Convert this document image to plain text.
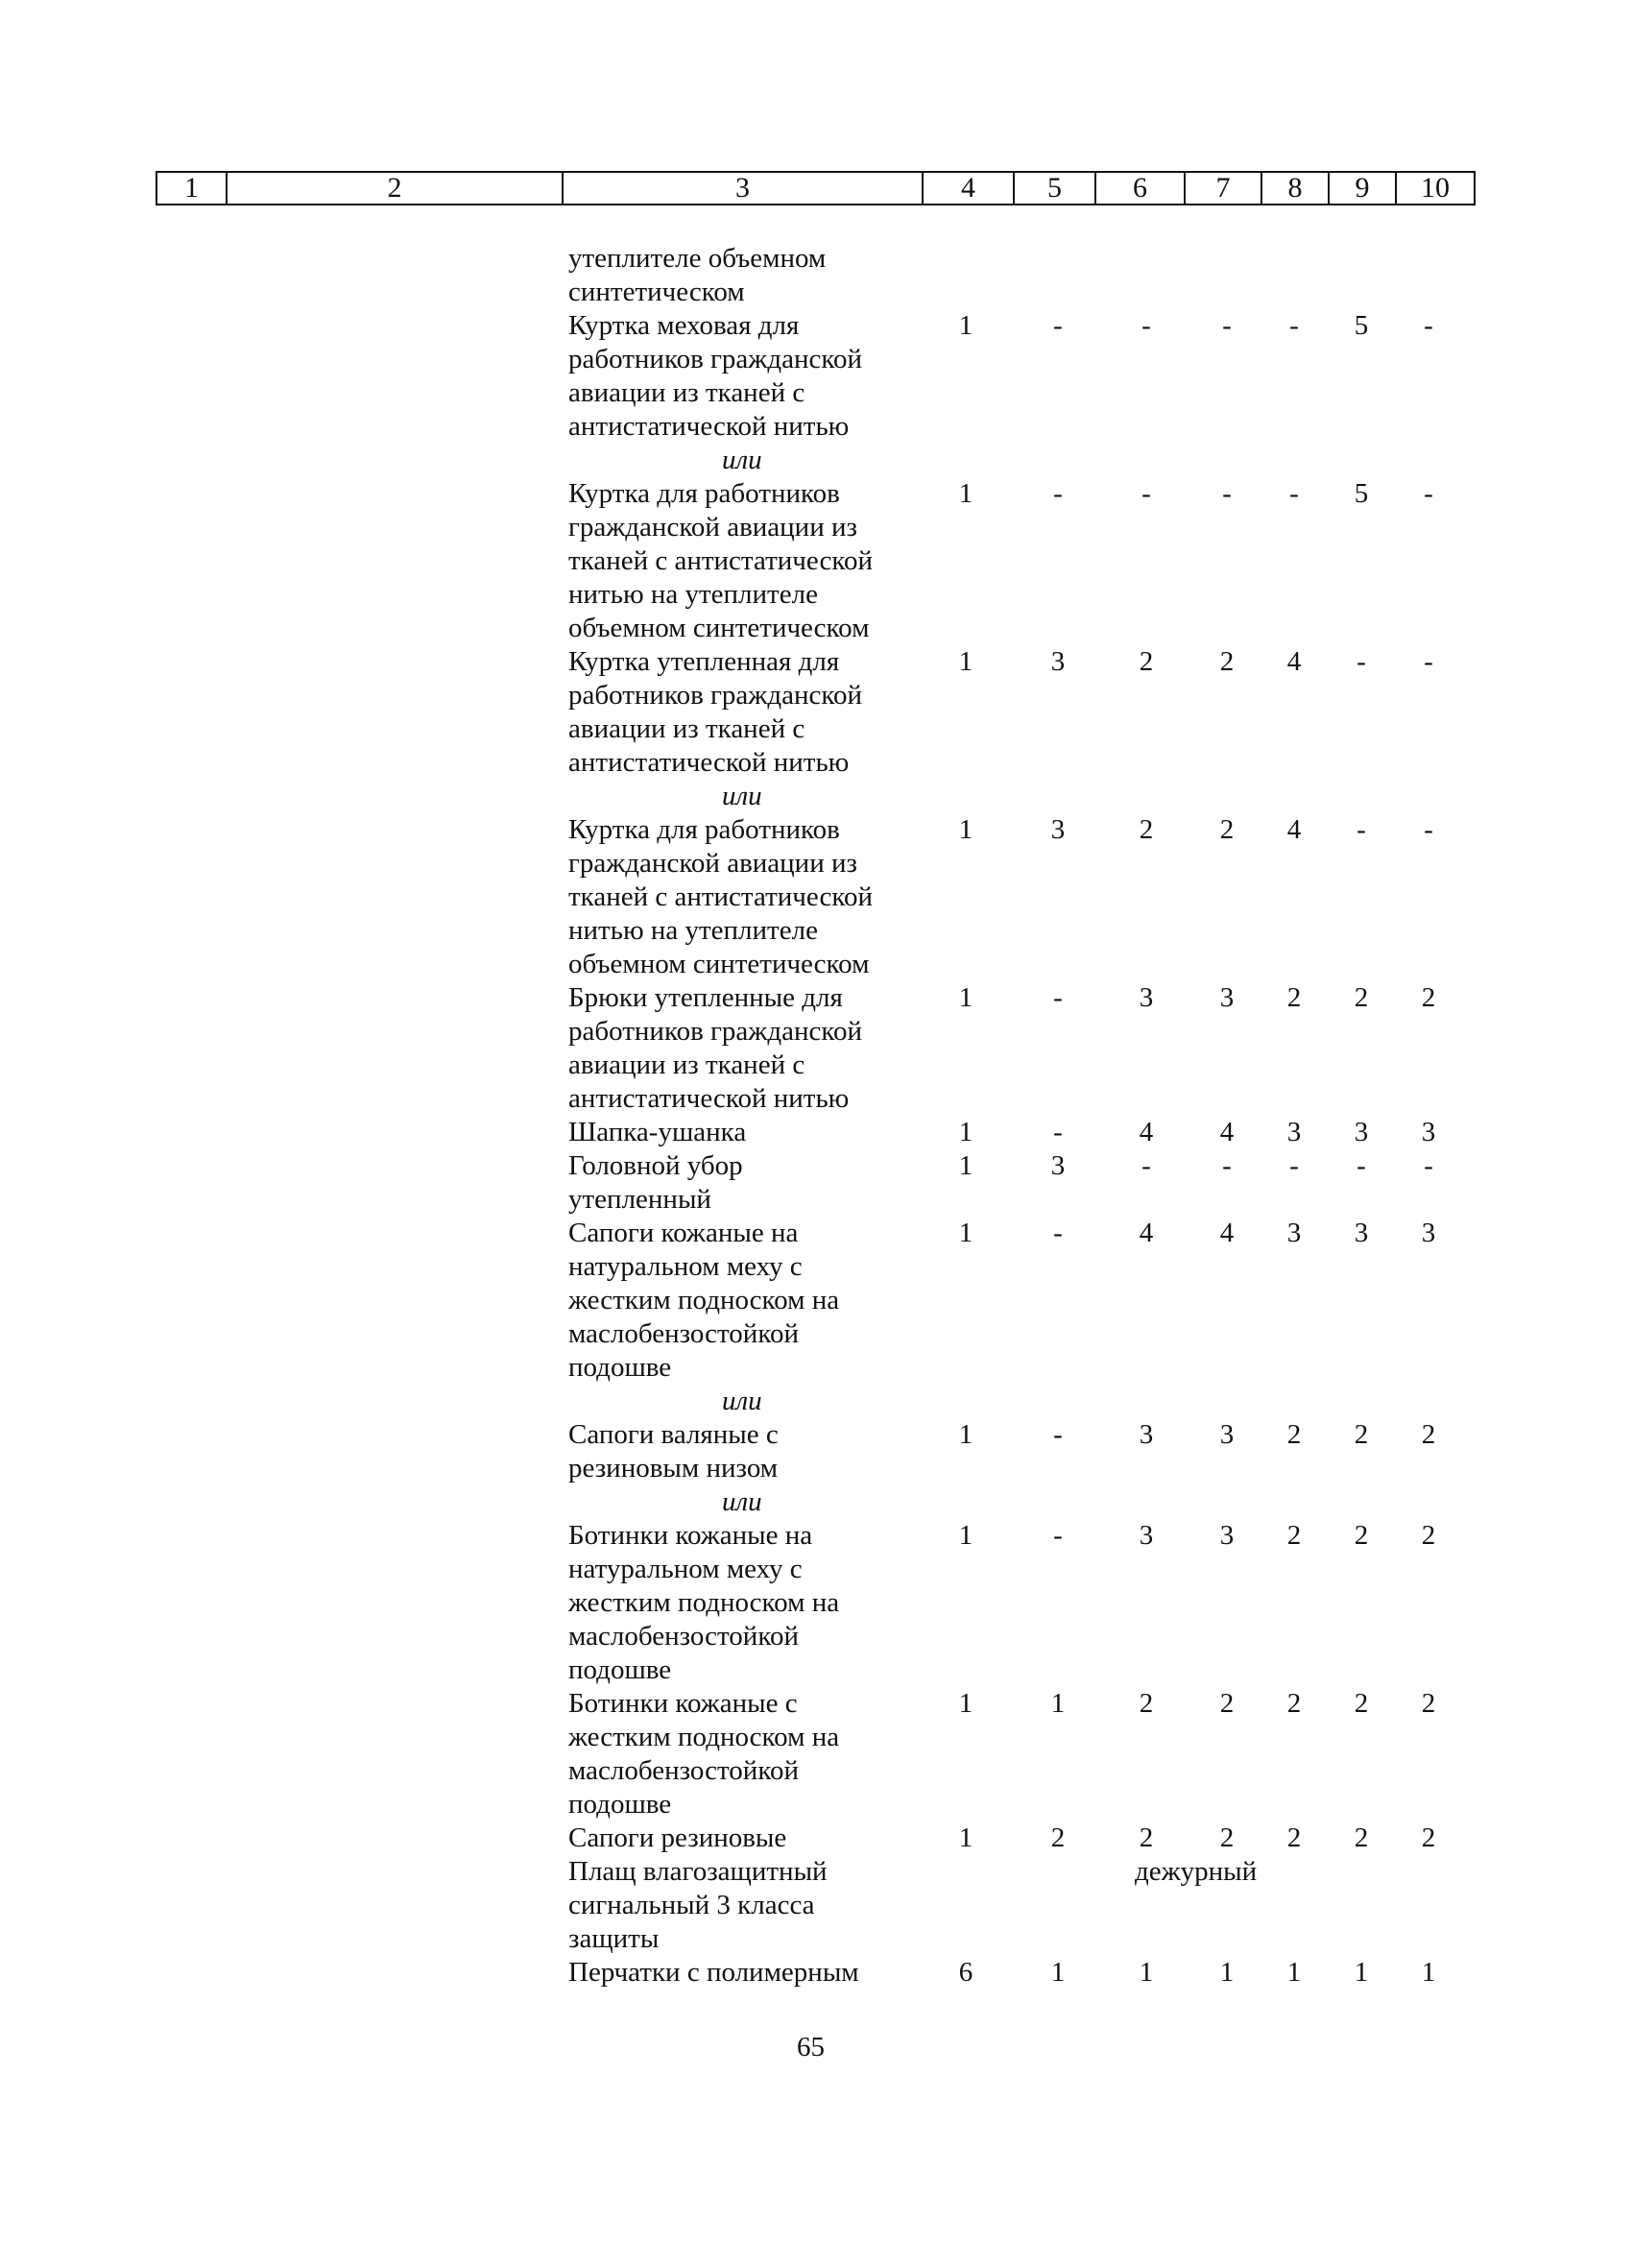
1	2	3	4	5	6	7	8	9	10
утеплителе объемном
синтетическом
Куртка меховая для
работников гражданской
авиации из тканей с
антистатической нитью
1	-	-	-	-	5	-
или
Куртка для работников
гражданской авиации из
тканей с антистатической
нитью на утеплителе
объемном синтетическом
1	-	-	-	-	5	-
Куртка утепленная для
работников гражданской
авиации из тканей с
антистатической нитью
1	3	2	2	4	-	-
или
Куртка для работников
гражданской авиации из
тканей с антистатической
нитью на утеплителе
объемном синтетическом
1	3	2	2	4	-	-
Брюки утепленные для
работников гражданской
авиации из тканей с
антистатической нитью
1	-	3	3	2	2	2
Шапка-ушанка	1	-	4	4	3	3	3
Головной убор
утепленный
1	3	-	-	-	-	-
Сапоги кожаные на
натуральном меху с
жестким подноском на
маслобензостойкой
подошве
1	-	4	4	3	3	3
или
Сапоги валяные с
резиновым низом
1	-	3	3	2	2	2
или
Ботинки кожаные на
натуральном меху с
жестким подноском на
маслобензостойкой
подошве
1	-	3	3	2	2	2
Ботинки кожаные с
жестким подноском на
маслобензостойкой
подошве
1	1	2	2	2	2	2
Сапоги резиновые	1	2	2	2	2	2	2
Плащ влагозащитный
сигнальный 3 класса
защиты
дежурный
Перчатки с полимерным	6	1	1	1	1	1	1
65
